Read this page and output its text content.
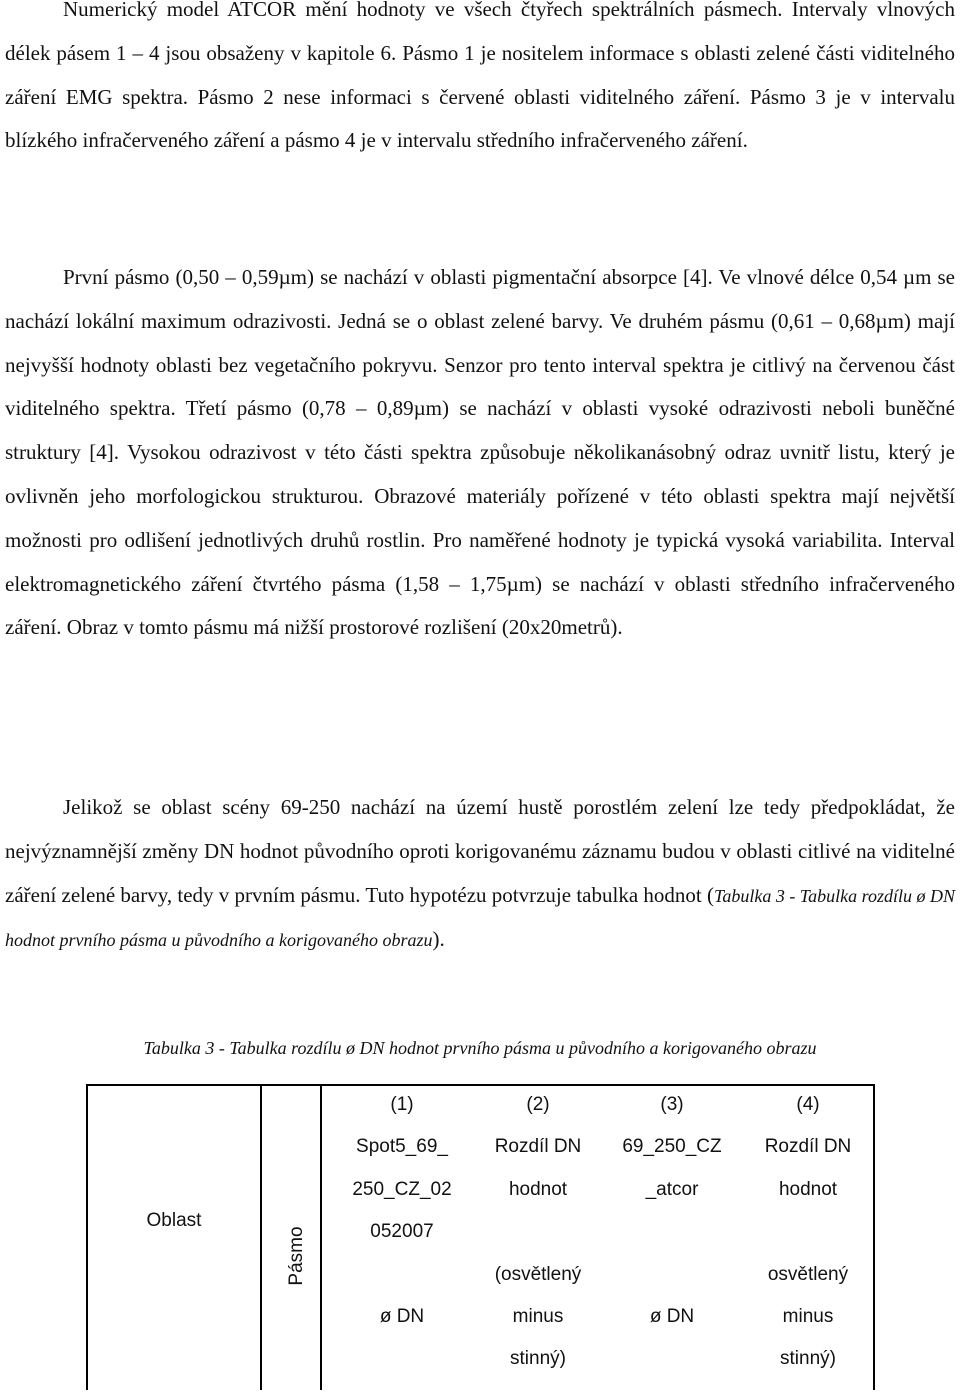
Numerický model ATCOR mění hodnoty ve všech čtyřech spektrálních pásmech. Intervaly vlnových délek pásem 1 – 4 jsou obsaženy v kapitole 6. Pásmo 1 je nositelem informace s oblasti zelené části viditelného záření EMG spektra. Pásmo 2 nese informaci s červené oblasti viditelného záření. Pásmo 3 je v intervalu blízkého infračerveného záření a pásmo 4 je v intervalu středního infračerveného záření.

První pásmo (0,50 – 0,59µm) se nachází v oblasti pigmentační absorpce [4]. Ve vlnové délce 0,54 µm se nachází lokální maximum odrazivosti. Jedná se o oblast zelené barvy. Ve druhém pásmu (0,61 – 0,68µm) mají nejvyšší hodnoty oblasti bez vegetačního pokryvu. Senzor pro tento interval spektra je citlivý na červenou část viditelného spektra. Třetí pásmo (0,78 – 0,89µm) se nachází v oblasti vysoké odrazivosti neboli buněčné struktury [4]. Vysokou odrazivost v této části spektra způsobuje několikanásobný odraz uvnitř listu, který je ovlivněn jeho morfologickou strukturou. Obrazové materiály pořízené v této oblasti spektra mají největší možnosti pro odlišení jednotlivých druhů rostlin. Pro naměřené hodnoty je typická vysoká variabilita. Interval elektromagnetického záření čtvrtého pásma (1,58 – 1,75µm) se nachází v oblasti středního infračerveného záření. Obraz v tomto pásmu má nižší prostorové rozlišení (20x20metrů).

Jelikož se oblast scény 69-250 nachází na území hustě porostlém zelení lze tedy předpokládat, že nejvýznamnější změny DN hodnot původního oproti korigovanému záznamu budou v oblasti citlivé na viditelné záření zelené barvy, tedy v prvním pásmu. Tuto hypotézu potvrzuje tabulka hodnot (Tabulka 3 - Tabulka rozdílu ø DN hodnot prvního pásma u původního a korigovaného obrazu).

Tabulka 3 - Tabulka rozdílu ø DN hodnot prvního pásma u původního a korigovaného obrazu

Oblast
Pásmo
(1)
Spot5_69_
250_CZ_02
052007

ø DN
(2)
Rozdíl DN
hodnot

(osvětlený
minus
stinný)
(3)
69_250_CZ
_atcor

ø DN
(4)
Rozdíl DN
hodnot

osvětlený
minus
stinný)
